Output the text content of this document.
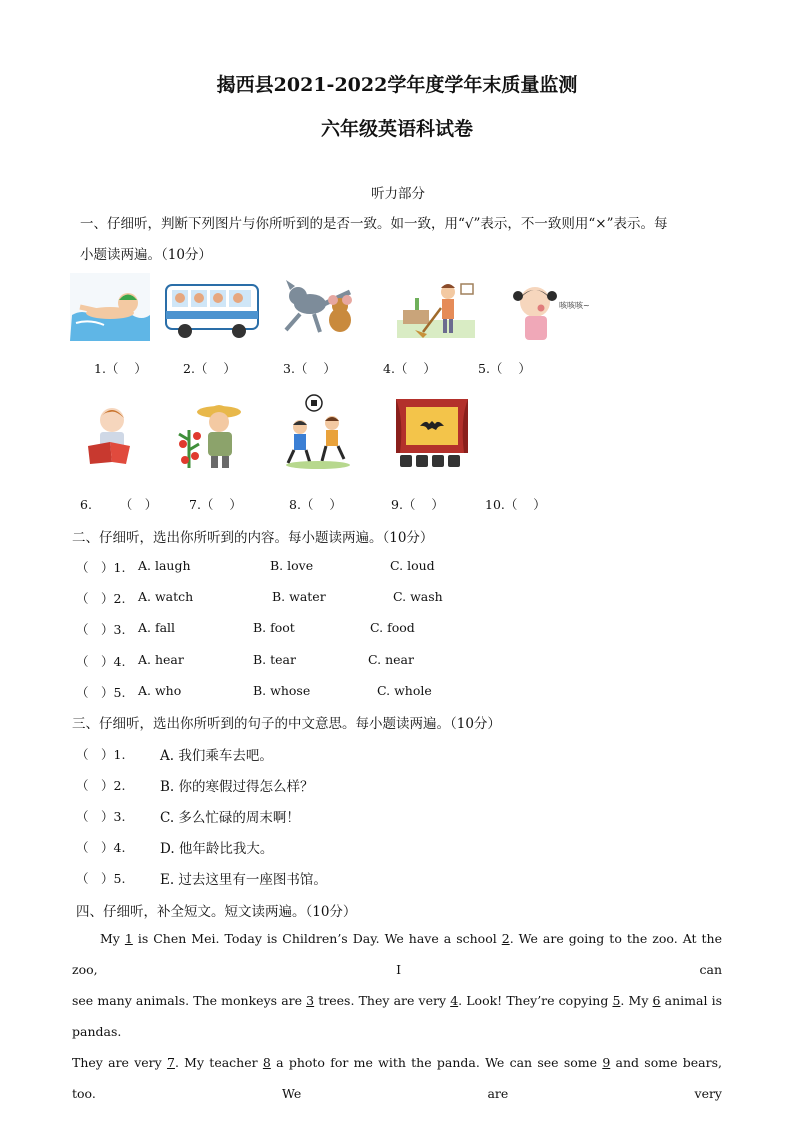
揭西县2021-2022学年度学年末质量监测
六年级英语科试卷
听力部分
一、仔细听，判断下列图片与你所听到的是否一致。如一致，用“√”表示，不一致则用“×”表示。每
小题读两遍。（10分）
咳咳咳~
1.（ ）	2.（ ）	3.（ ）	4.（ ）	5.（ ）
6. （　）	7.（ ）	8.（ ）	9.（ ）	10.（ ）
二、仔细听，选出你所听到的内容。每小题读两遍。（10分）
（　）1. A. laugh	B. love	C. loud
（　）2. A. watch	B. water	C. wash
（　）3. A. fall	B. foot	C. food
（　）4. A. hear	B. tear	C. near
（　）5. A. who	B. whose	C. whole
三、仔细听，选出你所听到的句子的中文意思。每小题读两遍。（10分）
（　）1.	A. 我们乘车去吧。
（　）2.	B. 你的寒假过得怎么样？
（　）3.	C. 多么忙碌的周末啊！
（　）4.	D. 他年龄比我大。
（　）5.	E. 过去这里有一座图书馆。
四、仔细听，补全短文。短文读两遍。（10分）

My 1 is Chen Mei. Today is Children’s Day. We have a school 2. We are going to the zoo. At the zoo, I can

see many animals. The monkeys are 3 trees. They are very 4. Look! They’re copying 5. My 6 animal is pandas.

They are very 7. My teacher 8 a photo for me with the panda. We can see some 9 and some bears, too. We are very
